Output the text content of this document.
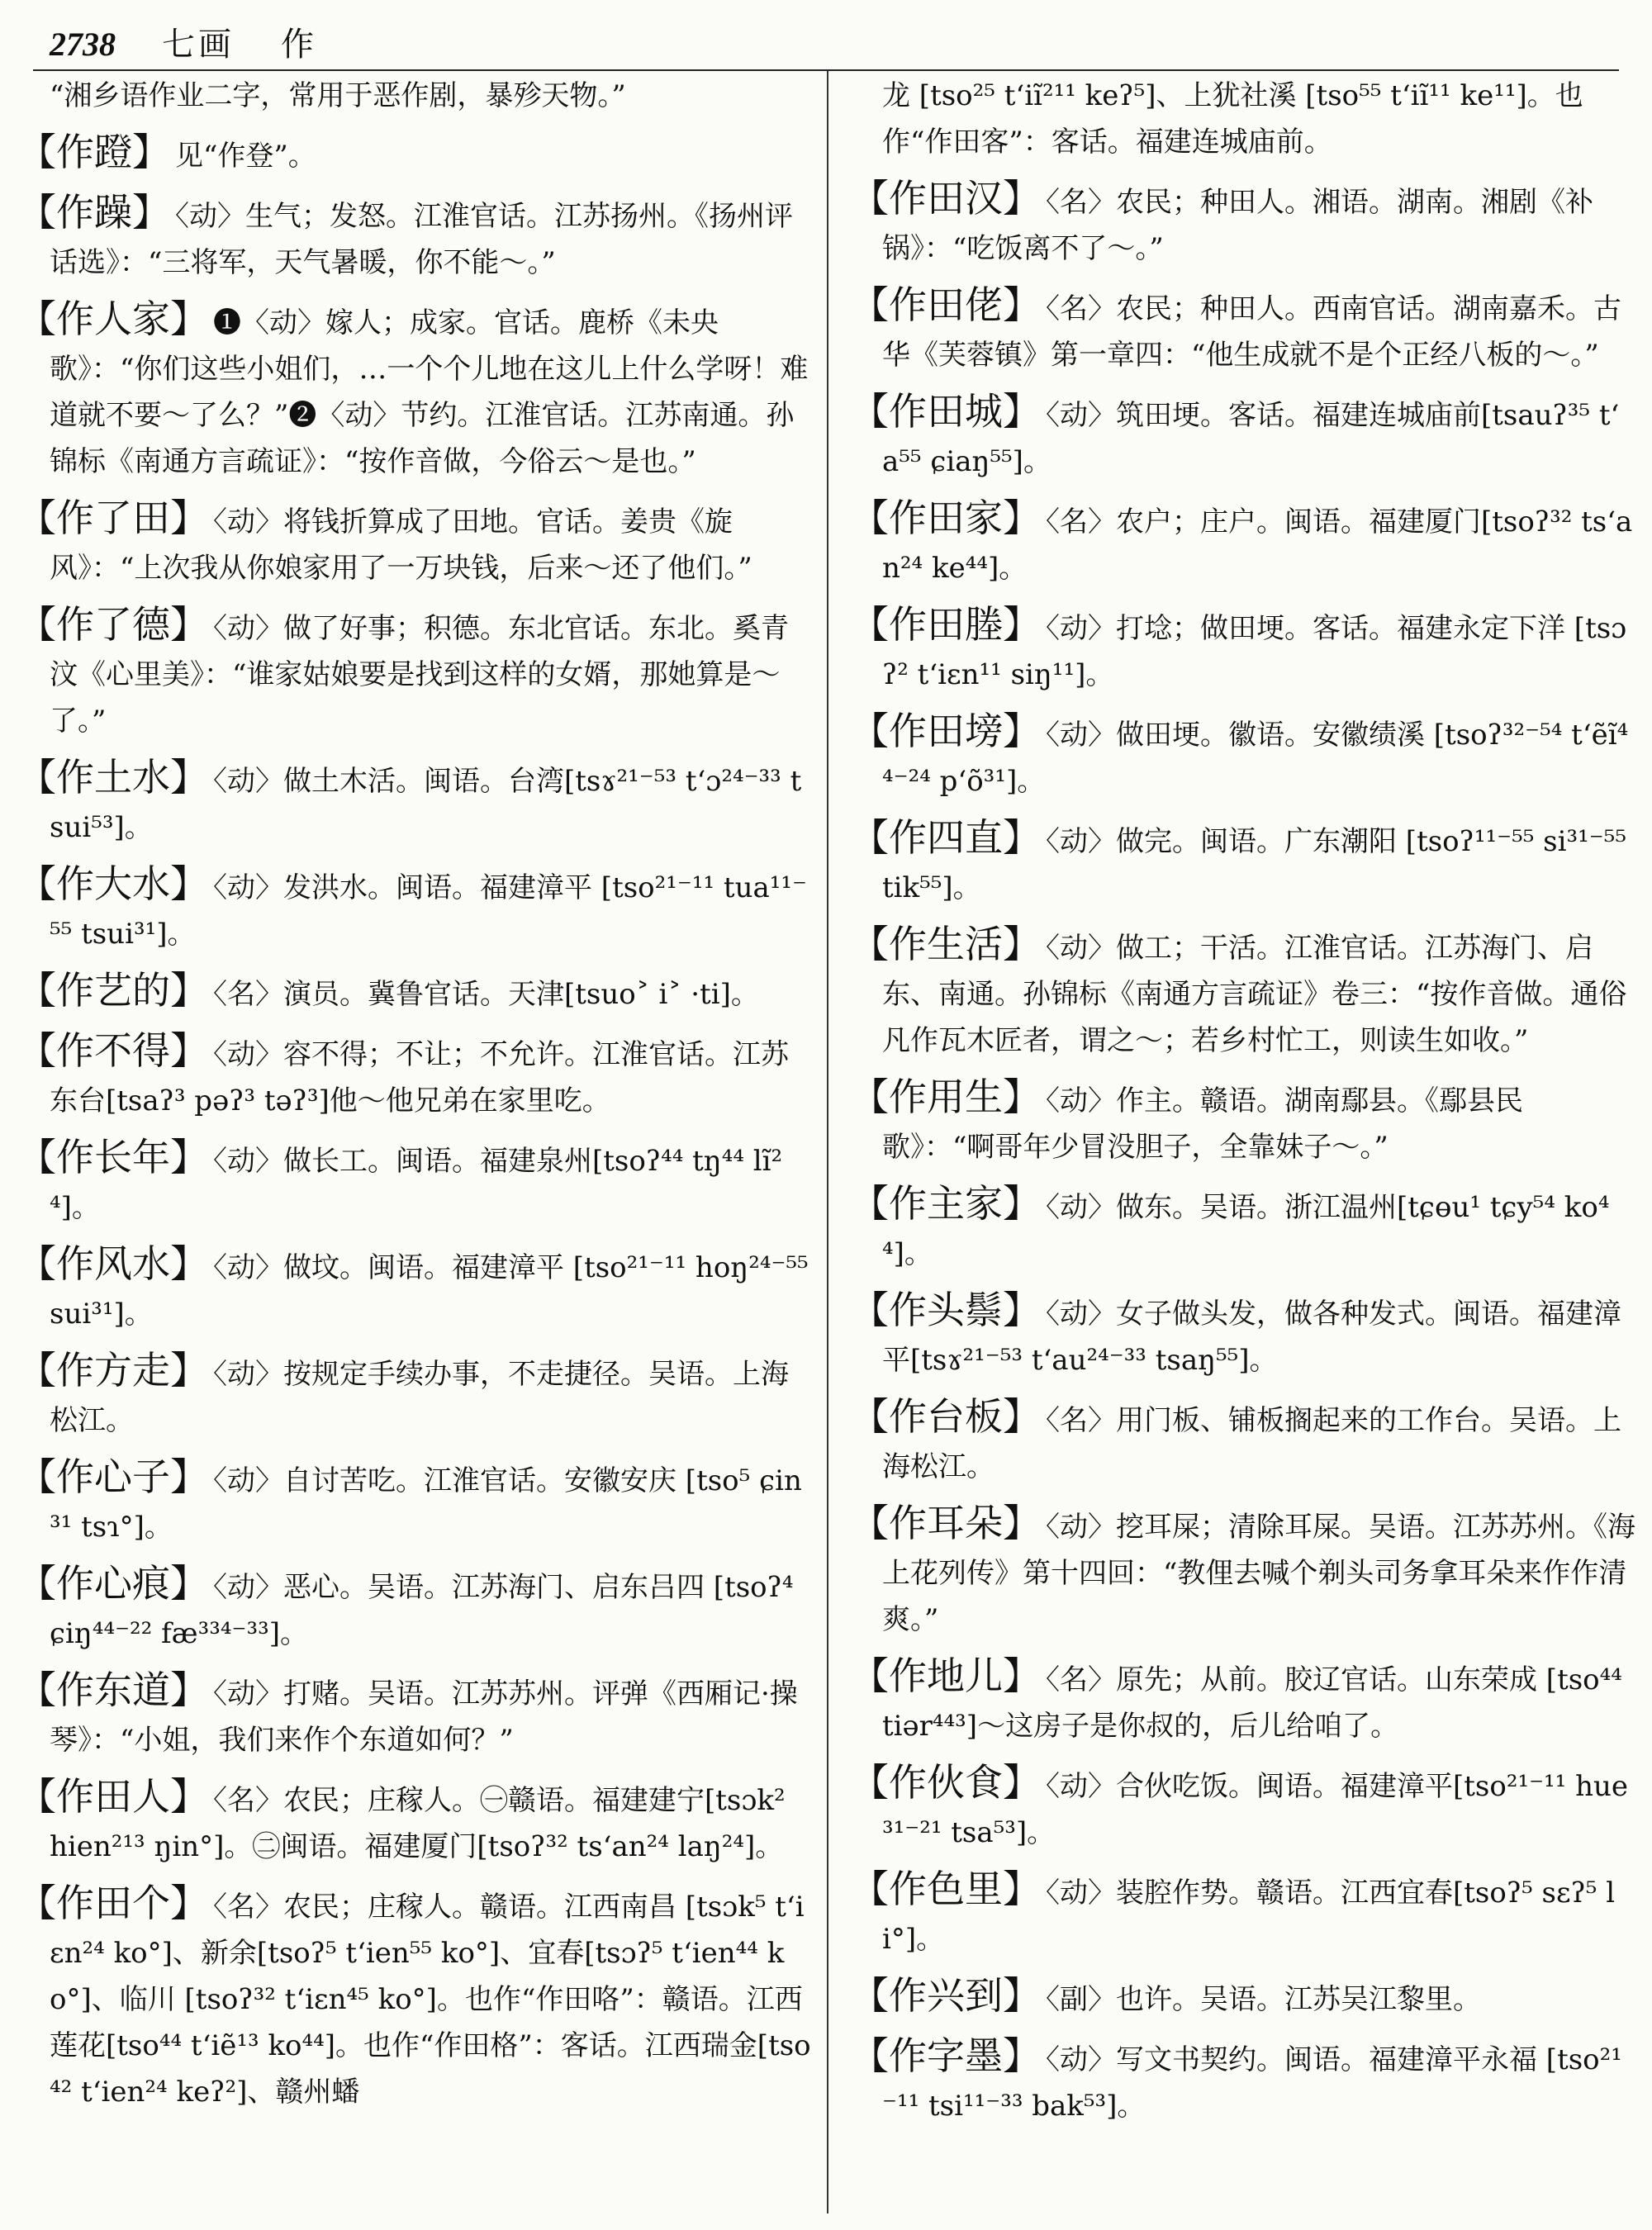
2738 七画 作

“湘乡语作业二字，常用于恶作剧，暴殄天物。”

【作蹬】 见“作登”。

【作躁】 〈动〉生气；发怒。江淮官话。江苏扬州。《扬州评话选》：“三将军，天气暑暖，你不能～。”

【作人家】 ❶〈动〉嫁人；成家。官话。鹿桥《未央歌》：“你们这些小姐们，…一个个儿地在这儿上什么学呀！难道就不要～了么？”❷〈动〉节约。江淮官话。江苏南通。孙锦标《南通方言疏证》：“按作音做，今俗云～是也。”

【作了田】 〈动〉将钱折算成了田地。官话。姜贵《旋风》：“上次我从你娘家用了一万块钱，后来～还了他们。”

【作了德】 〈动〉做了好事；积德。东北官话。东北。奚青汶《心里美》：“谁家姑娘要是找到这样的女婿，那她算是～了。”

【作土水】 〈动〉做土木活。闽语。台湾[tsɤ²¹⁻⁵³ tʻɔ²⁴⁻³³ tsui⁵³]。

【作大水】 〈动〉发洪水。闽语。福建漳平 [tso²¹⁻¹¹ tua¹¹⁻⁵⁵ tsui³¹]。

【作艺的】 〈名〉演员。冀鲁官话。天津[tsuo˃ i˃ ·ti]。

【作不得】 〈动〉容不得；不让；不允许。江淮官话。江苏东台[tsaʔ³ pəʔ³ təʔ³]他～他兄弟在家里吃。

【作长年】 〈动〉做长工。闽语。福建泉州[tsoʔ⁴⁴ tŋ⁴⁴ lĩ²⁴]。

【作风水】 〈动〉做坟。闽语。福建漳平 [tso²¹⁻¹¹ hoŋ²⁴⁻⁵⁵ sui³¹]。

【作方走】 〈动〉按规定手续办事，不走捷径。吴语。上海松江。

【作心子】 〈动〉自讨苦吃。江淮官话。安徽安庆 [tso⁵ ɕin³¹ tsɿ°]。

【作心痕】 〈动〉恶心。吴语。江苏海门、启东吕四 [tsoʔ⁴ ɕiŋ⁴⁴⁻²² fæ³³⁴⁻³³]。

【作东道】 〈动〉打赌。吴语。江苏苏州。评弹《西厢记·操琴》：“小姐，我们来作个东道如何？”

【作田人】 〈名〉农民；庄稼人。㊀赣语。福建建宁[tsɔk² hien²¹³ ŋin°]。㊁闽语。福建厦门[tsoʔ³² tsʻan²⁴ laŋ²⁴]。

【作田个】 〈名〉农民；庄稼人。赣语。江西南昌 [tsɔk⁵ tʻiɛn²⁴ ko°]、新余[tsoʔ⁵ tʻien⁵⁵ ko°]、宜春[tsɔʔ⁵ tʻien⁴⁴ ko°]、临川 [tsoʔ³² tʻiɛn⁴⁵ ko°]。也作“作田咯”：赣语。江西莲花[tso⁴⁴ tʻiẽ¹³ ko⁴⁴]。也作“作田格”：客话。江西瑞金[tso⁴² tʻien²⁴ keʔ²]、赣州蟠

龙 [tso²⁵ tʻiĩ²¹¹ keʔ⁵]、上犹社溪 [tso⁵⁵ tʻiĩ¹¹ ke¹¹]。也作“作田客”：客话。福建连城庙前。

【作田汉】 〈名〉农民；种田人。湘语。湖南。湘剧《补锅》：“吃饭离不了～。”

【作田佬】 〈名〉农民；种田人。西南官话。湖南嘉禾。古华《芙蓉镇》第一章四：“他生成就不是个正经八板的～。”

【作田城】 〈动〉筑田埂。客话。福建连城庙前[tsauʔ³⁵ tʻa⁵⁵ ɕiaŋ⁵⁵]。

【作田家】 〈名〉农户；庄户。闽语。福建厦门[tsoʔ³² tsʻan²⁴ ke⁴⁴]。

【作田塍】 〈动〉打埝；做田埂。客话。福建永定下洋 [tsɔʔ² tʻiɛn¹¹ siŋ¹¹]。

【作田塝】 〈动〉做田埂。徽语。安徽绩溪 [tsoʔ³²⁻⁵⁴ tʻẽĩ⁴⁴⁻²⁴ pʻõ³¹]。

【作四直】 〈动〉做完。闽语。广东潮阳 [tsoʔ¹¹⁻⁵⁵ si³¹⁻⁵⁵ tik⁵⁵]。

【作生活】 〈动〉做工；干活。江淮官话。江苏海门、启东、南通。孙锦标《南通方言疏证》卷三：“按作音做。通俗凡作瓦木匠者，谓之～；若乡村忙工，则读生如收。”

【作用生】 〈动〉作主。赣语。湖南鄢县。《鄢县民歌》：“啊哥年少冒没胆子，全靠妹子～。”

【作主家】 〈动〉做东。吴语。浙江温州[tɕɵu¹ tɕy⁵⁴ ko⁴⁴]。

【作头鬃】 〈动〉女子做头发，做各种发式。闽语。福建漳平[tsɤ²¹⁻⁵³ tʻau²⁴⁻³³ tsaŋ⁵⁵]。

【作台板】 〈名〉用门板、铺板搁起来的工作台。吴语。上海松江。

【作耳朵】 〈动〉挖耳屎；清除耳屎。吴语。江苏苏州。《海上花列传》第十四回：“教俚去喊个剃头司务拿耳朵来作作清爽。”

【作地儿】 〈名〉原先；从前。胶辽官话。山东荣成 [tso⁴⁴ tiər⁴⁴³]～这房子是你叔的，后儿给咱了。

【作伙食】 〈动〉合伙吃饭。闽语。福建漳平[tso²¹⁻¹¹ hue³¹⁻²¹ tsa⁵³]。

【作色里】 〈动〉装腔作势。赣语。江西宜春[tsoʔ⁵ sɛʔ⁵ li°]。

【作兴到】 〈副〉也许。吴语。江苏吴江黎里。

【作字墨】 〈动〉写文书契约。闽语。福建漳平永福 [tso²¹⁻¹¹ tsi¹¹⁻³³ bak⁵³]。
